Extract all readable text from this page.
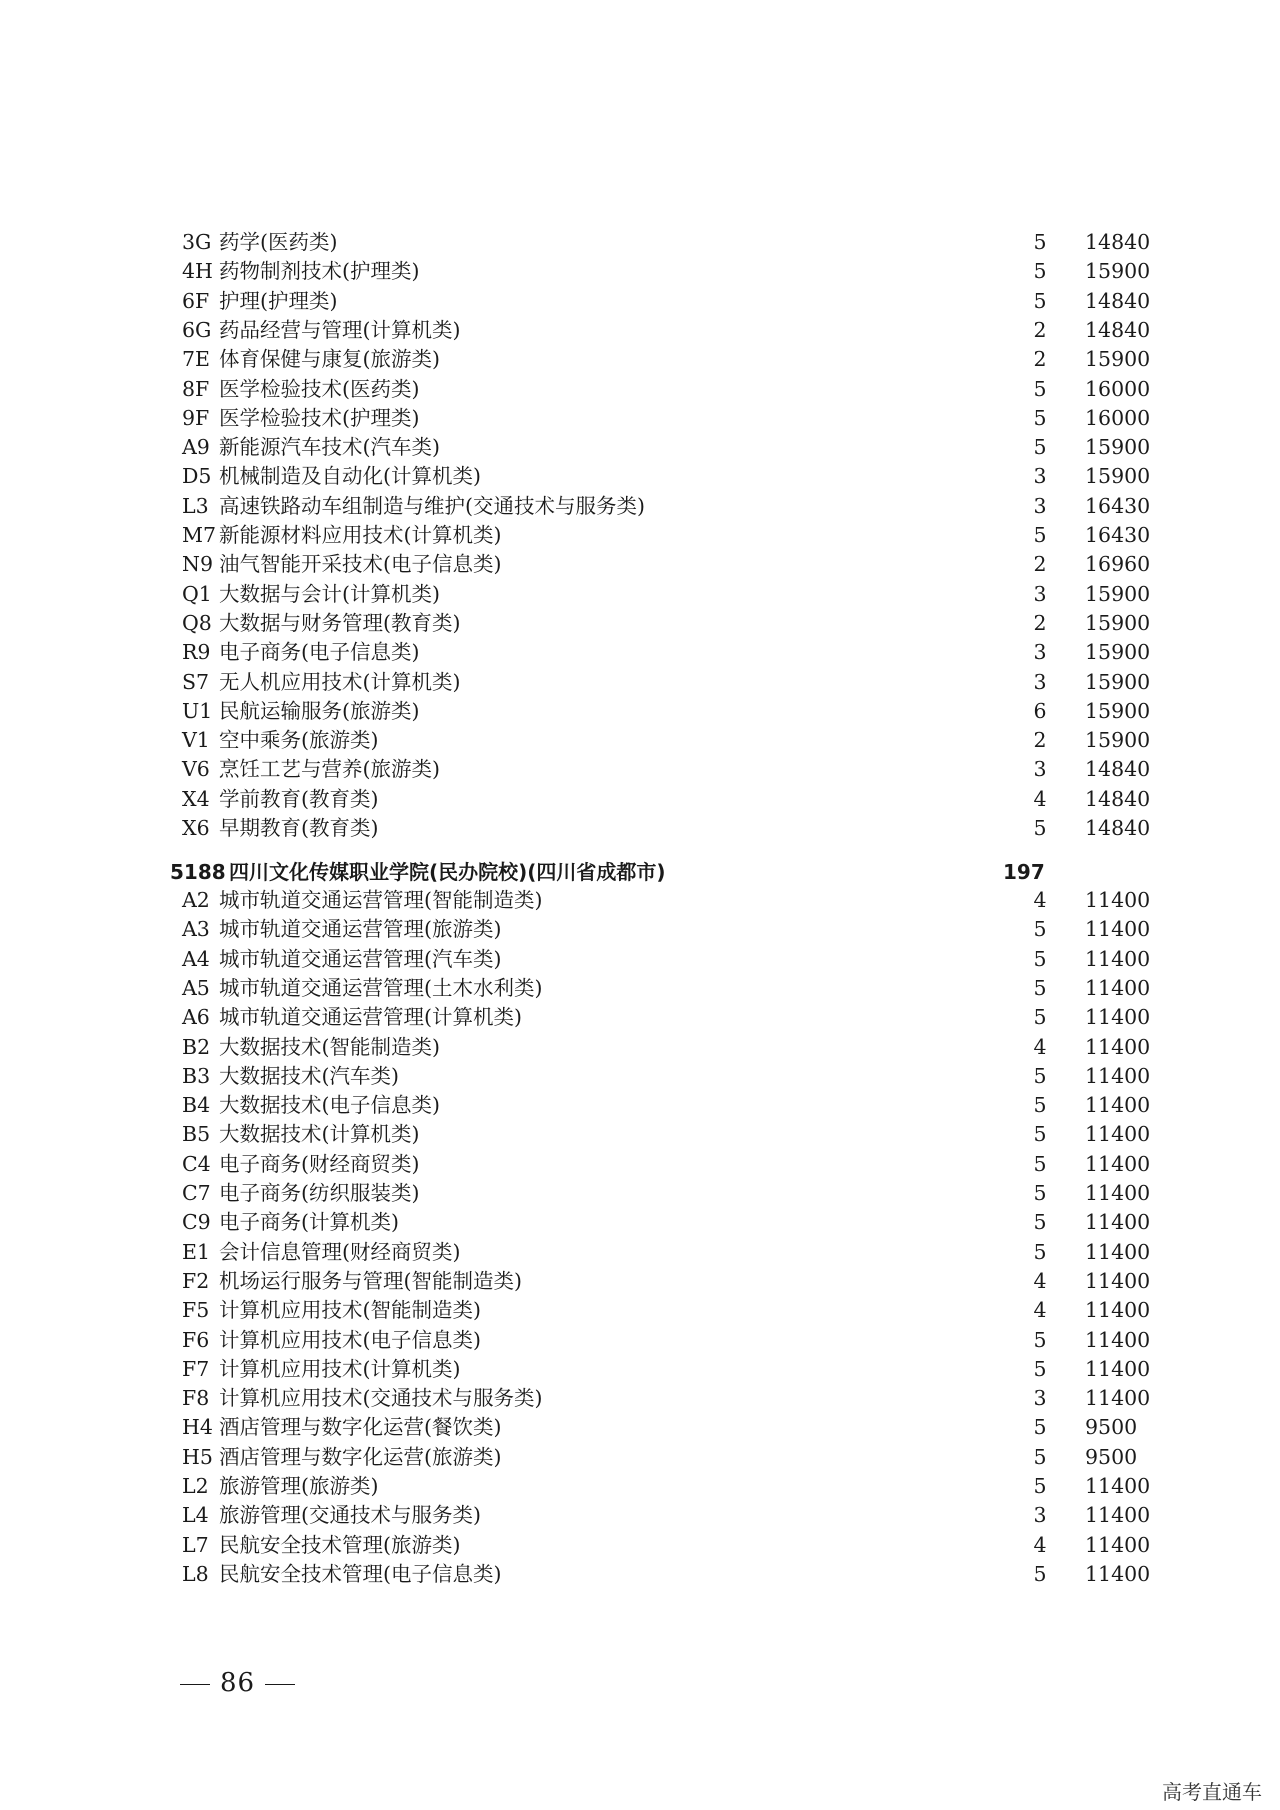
3G 药学(医药类)	5 14840
4H 药物制剂技术(护理类)	5 15900
6F 护理(护理类)	5 14840
6G 药品经营与管理(计算机类)	2 14840
7E 体育保健与康复(旅游类)	2 15900
8F 医学检验技术(医药类)	5 16000
9F 医学检验技术(护理类)	5 16000
A9 新能源汽车技术(汽车类)	5 15900
D5 机械制造及自动化(计算机类)	3 15900
L3 高速铁路动车组制造与维护(交通技术与服务类)	3 16430
M7 新能源材料应用技术(计算机类)	5 16430
N9 油气智能开采技术(电子信息类)	2 16960
Q1 大数据与会计(计算机类)	3 15900
Q8 大数据与财务管理(教育类)	2 15900
R9 电子商务(电子信息类)	3 15900
S7 无人机应用技术(计算机类)	3 15900
U1 民航运输服务(旅游类)	6 15900
V1 空中乘务(旅游类)	2 15900
V6 烹饪工艺与营养(旅游类)	3 14840
X4 学前教育(教育类)	4 14840
X6 早期教育(教育类)	5 14840
5188 四川文化传媒职业学院(民办院校)(四川省成都市)	197
A2 城市轨道交通运营管理(智能制造类)	4 11400
A3 城市轨道交通运营管理(旅游类)	5 11400
A4 城市轨道交通运营管理(汽车类)	5 11400
A5 城市轨道交通运营管理(土木水利类)	5 11400
A6 城市轨道交通运营管理(计算机类)	5 11400
B2 大数据技术(智能制造类)	4 11400
B3 大数据技术(汽车类)	5 11400
B4 大数据技术(电子信息类)	5 11400
B5 大数据技术(计算机类)	5 11400
C4 电子商务(财经商贸类)	5 11400
C7 电子商务(纺织服装类)	5 11400
C9 电子商务(计算机类)	5 11400
E1 会计信息管理(财经商贸类)	5 11400
F2 机场运行服务与管理(智能制造类)	4 11400
F5 计算机应用技术(智能制造类)	4 11400
F6 计算机应用技术(电子信息类)	5 11400
F7 计算机应用技术(计算机类)	5 11400
F8 计算机应用技术(交通技术与服务类)	3 11400
H4 酒店管理与数字化运营(餐饮类)	5 9500
H5 酒店管理与数字化运营(旅游类)	5 9500
L2 旅游管理(旅游类)	5 11400
L4 旅游管理(交通技术与服务类)	3 11400
L7 民航安全技术管理(旅游类)	4 11400
L8 民航安全技术管理(电子信息类)	5 11400
86
高考直通车
